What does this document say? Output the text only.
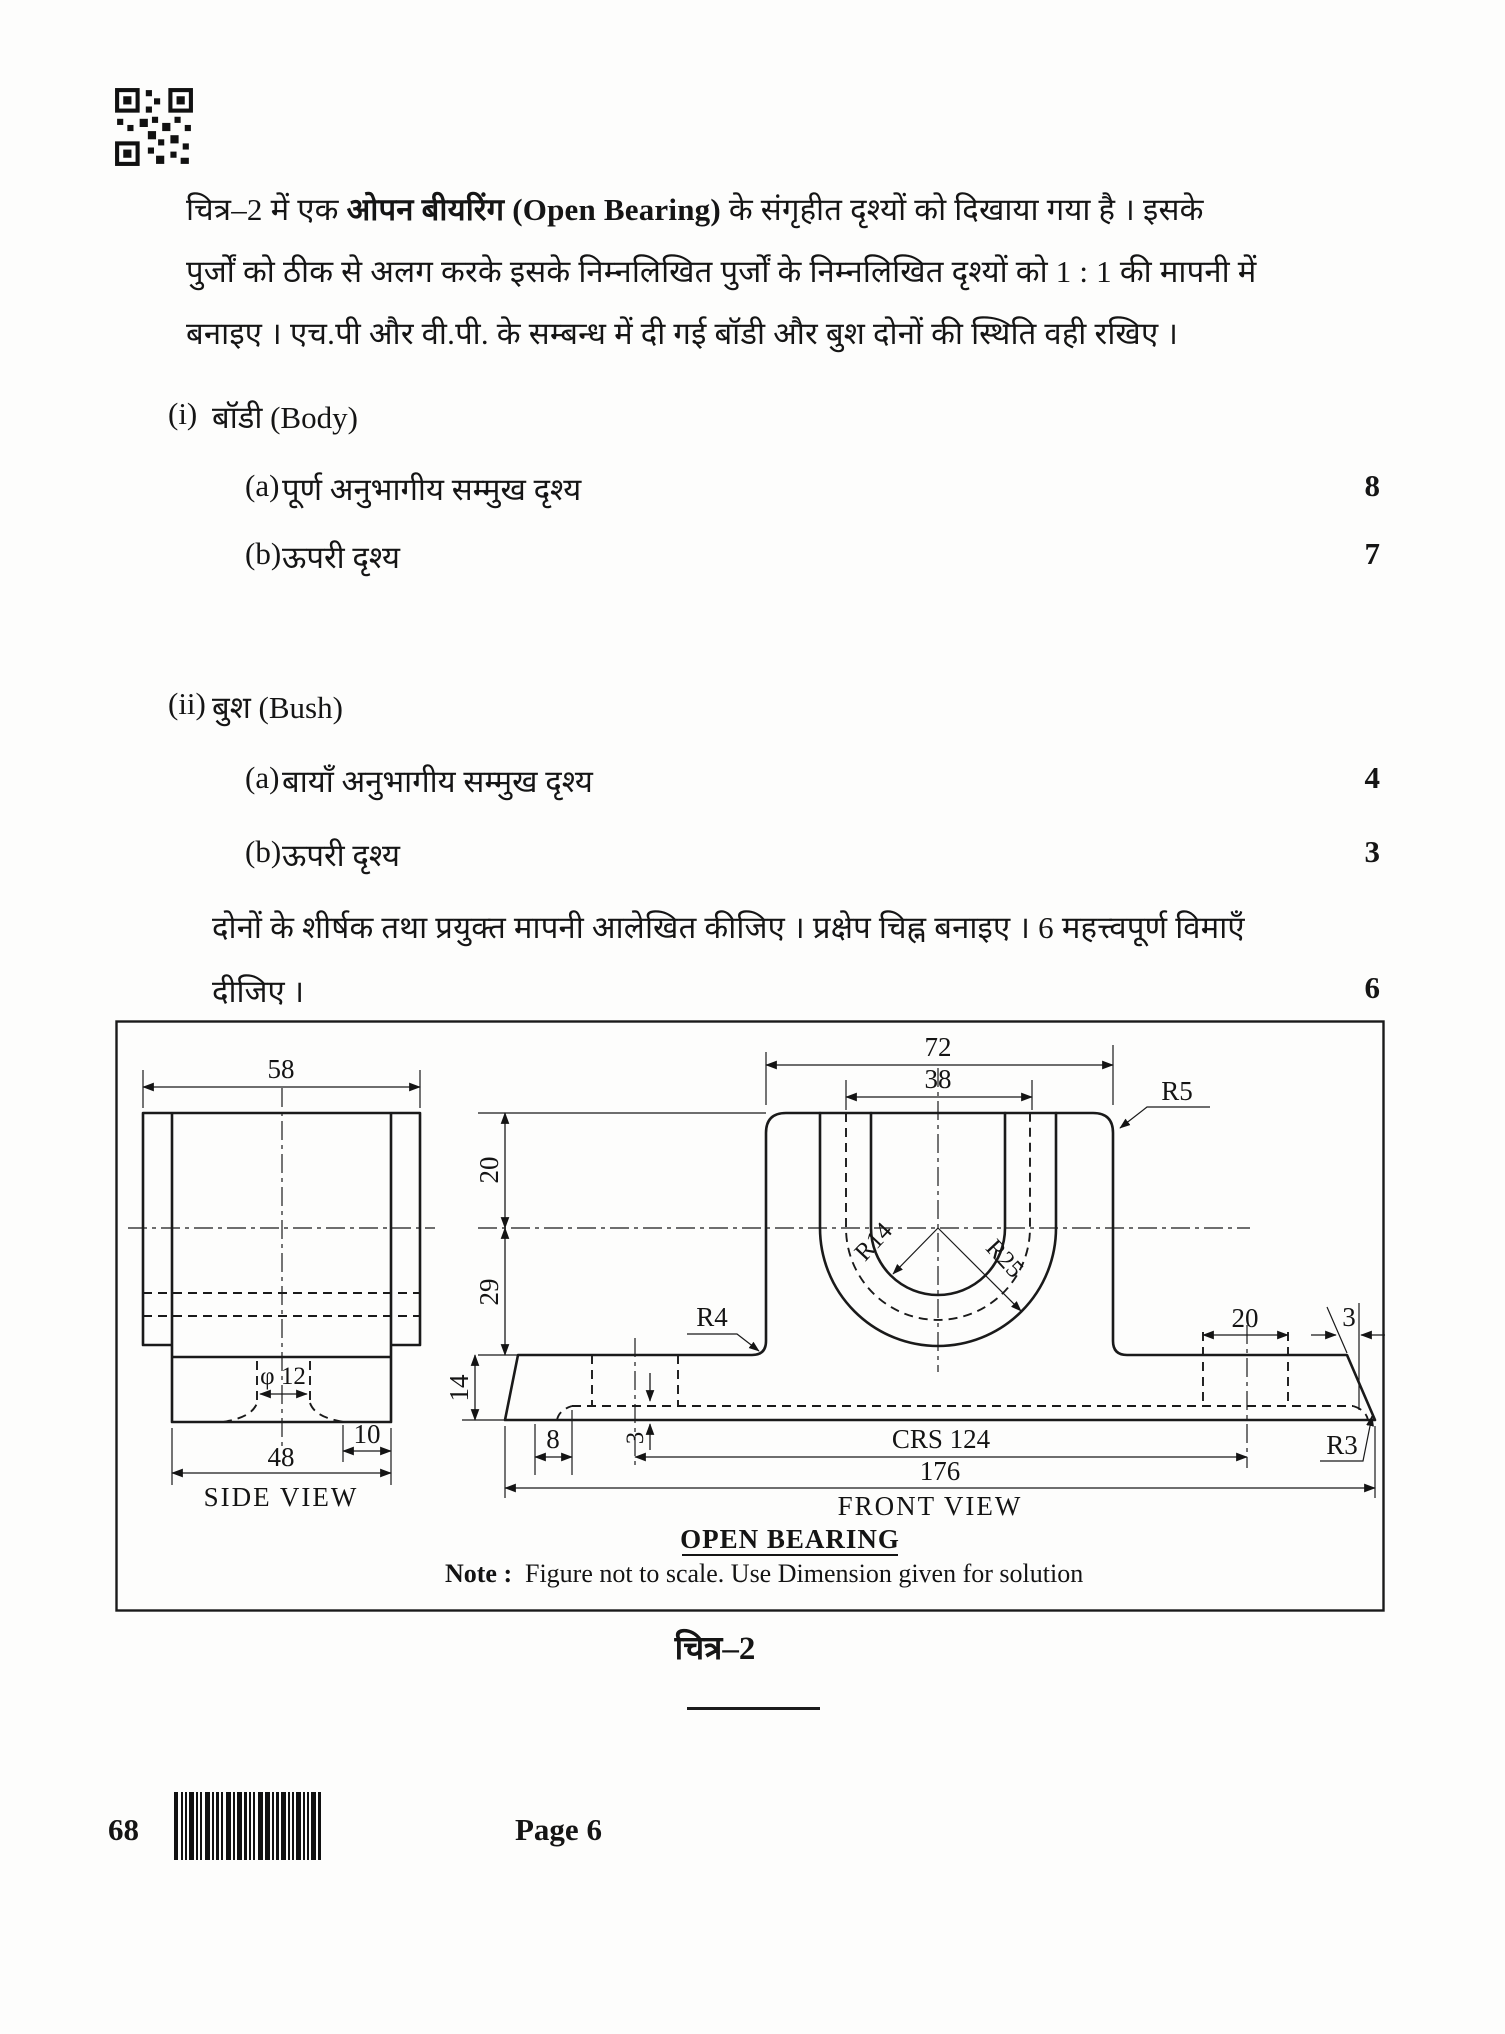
चित्र–2 में एक ओपन बीयरिंग (Open Bearing) के संगृहीत दृश्यों को दिखाया गया है । इसके
पुर्जों को ठीक से अलग करके इसके निम्नलिखित पुर्जों के निम्नलिखित दृश्यों को 1 : 1 की मापनी में
बनाइए । एच.पी और वी.पी. के सम्बन्ध में दी गई बॉडी और बुश दोनों की स्थिति वही रखिए ।
(i) बॉडी (Body)
(a) पूर्ण अनुभागीय सम्मुख दृश्य	8
(b) ऊपरी दृश्य	7
(ii) बुश (Bush)
(a) बायाँ अनुभागीय सम्मुख दृश्य	4
(b) ऊपरी दृश्य	3
दोनों के शीर्षक तथा प्रयुक्त मापनी आलेखित कीजिए । प्रक्षेप चिह्न बनाइए । 6 महत्त्वपूर्ण विमाएँ
दीजिए ।	6
58
φ 12
48
10
SIDE VIEW
72
38	R5
20
29
14
R4
R14	R25
20	3
3
8	CRS 124	R3
176
FRONT VIEW
OPEN BEARING
Note : Figure not to scale. Use Dimension given for solution
चित्र–2
68	Page 6
